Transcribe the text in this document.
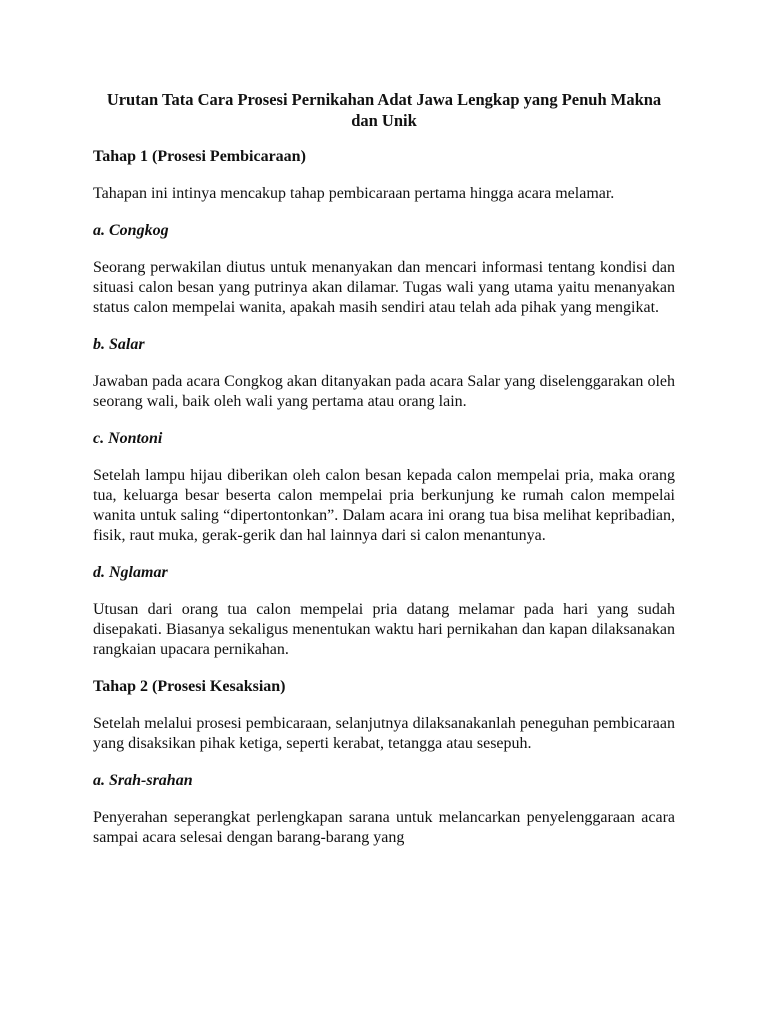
Urutan Tata Cara Prosesi Pernikahan Adat Jawa Lengkap yang Penuh Makna dan Unik

Tahap 1 (Prosesi Pembicaraan)

Tahapan ini intinya mencakup tahap pembicaraan pertama hingga acara melamar.

a. Congkog

Seorang perwakilan diutus untuk menanyakan dan mencari informasi tentang kondisi dan situasi calon besan yang putrinya akan dilamar. Tugas wali yang utama yaitu menanyakan status calon mempelai wanita, apakah masih sendiri atau telah ada pihak yang mengikat.

b. Salar

Jawaban pada acara Congkog akan ditanyakan pada acara Salar yang diselenggarakan oleh seorang wali, baik oleh wali yang pertama atau orang lain.

c. Nontoni

Setelah lampu hijau diberikan oleh calon besan kepada calon mempelai pria, maka orang tua, keluarga besar beserta calon mempelai pria berkunjung ke rumah calon mempelai wanita untuk saling “dipertontonkan”. Dalam acara ini orang tua bisa melihat kepribadian, fisik, raut muka, gerak-gerik dan hal lainnya dari si calon menantunya.

d. Nglamar

Utusan dari orang tua calon mempelai pria datang melamar pada hari yang sudah disepakati. Biasanya sekaligus menentukan waktu hari pernikahan dan kapan dilaksanakan rangkaian upacara pernikahan.

Tahap 2 (Prosesi Kesaksian)

Setelah melalui prosesi pembicaraan, selanjutnya dilaksanakanlah peneguhan pembicaraan yang disaksikan pihak ketiga, seperti kerabat, tetangga atau sesepuh.

a. Srah-srahan

Penyerahan seperangkat perlengkapan sarana untuk melancarkan penyelenggaraan acara sampai acara selesai dengan barang-barang yang
